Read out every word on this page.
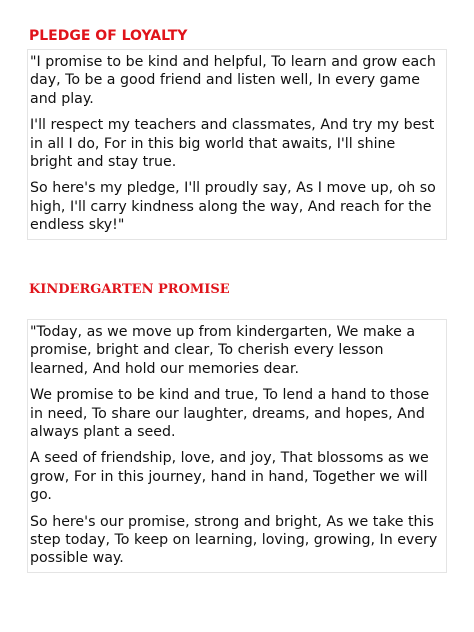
PLEDGE OF LOYALTY

"I promise to be kind and helpful, To learn and grow each day, To be a good friend and listen well, In every game and play.

I'll respect my teachers and classmates, And try my best in all I do, For in this big world that awaits, I'll shine bright and stay true.

So here's my pledge, I'll proudly say, As I move up, oh so high, I'll carry kindness along the way, And reach for the endless sky!"

KINDERGARTEN PROMISE

"Today, as we move up from kindergarten, We make a promise, bright and clear, To cherish every lesson learned, And hold our memories dear.

We promise to be kind and true, To lend a hand to those in need, To share our laughter, dreams, and hopes, And always plant a seed.

A seed of friendship, love, and joy, That blossoms as we grow, For in this journey, hand in hand, Together we will go.

So here's our promise, strong and bright, As we take this step today, To keep on learning, loving, growing, In every possible way.
